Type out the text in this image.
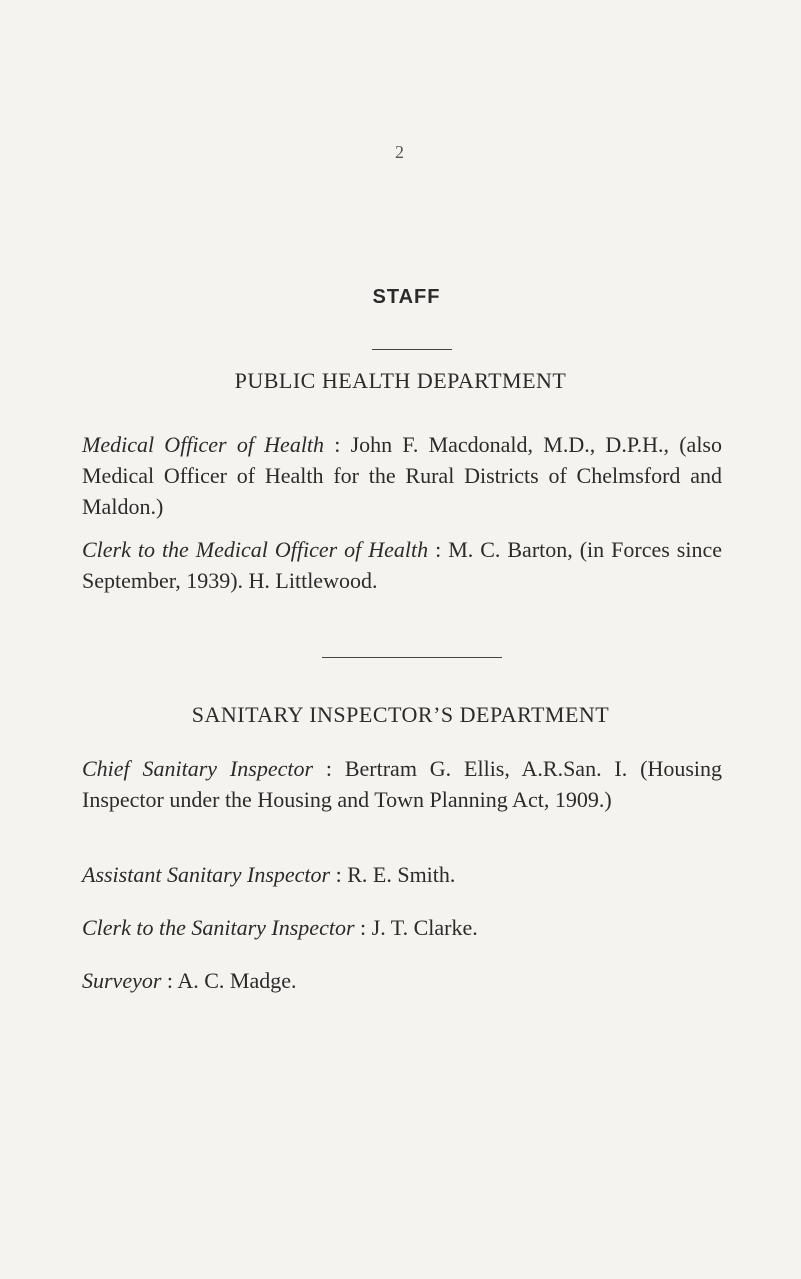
2
STAFF
PUBLIC HEALTH DEPARTMENT

Medical Officer of Health : John F. Macdonald, M.D., D.P.H., (also Medical Officer of Health for the Rural Districts of Chelmsford and Maldon.)

Clerk to the Medical Officer of Health : M. C. Barton, (in Forces since September, 1939). H. Littlewood.

SANITARY INSPECTOR’S DEPARTMENT

Chief Sanitary Inspector : Bertram G. Ellis, A.R.San. I. (Housing Inspector under the Housing and Town Planning Act, 1909.)

Assistant Sanitary Inspector : R. E. Smith.

Clerk to the Sanitary Inspector : J. T. Clarke.

Surveyor : A. C. Madge.
